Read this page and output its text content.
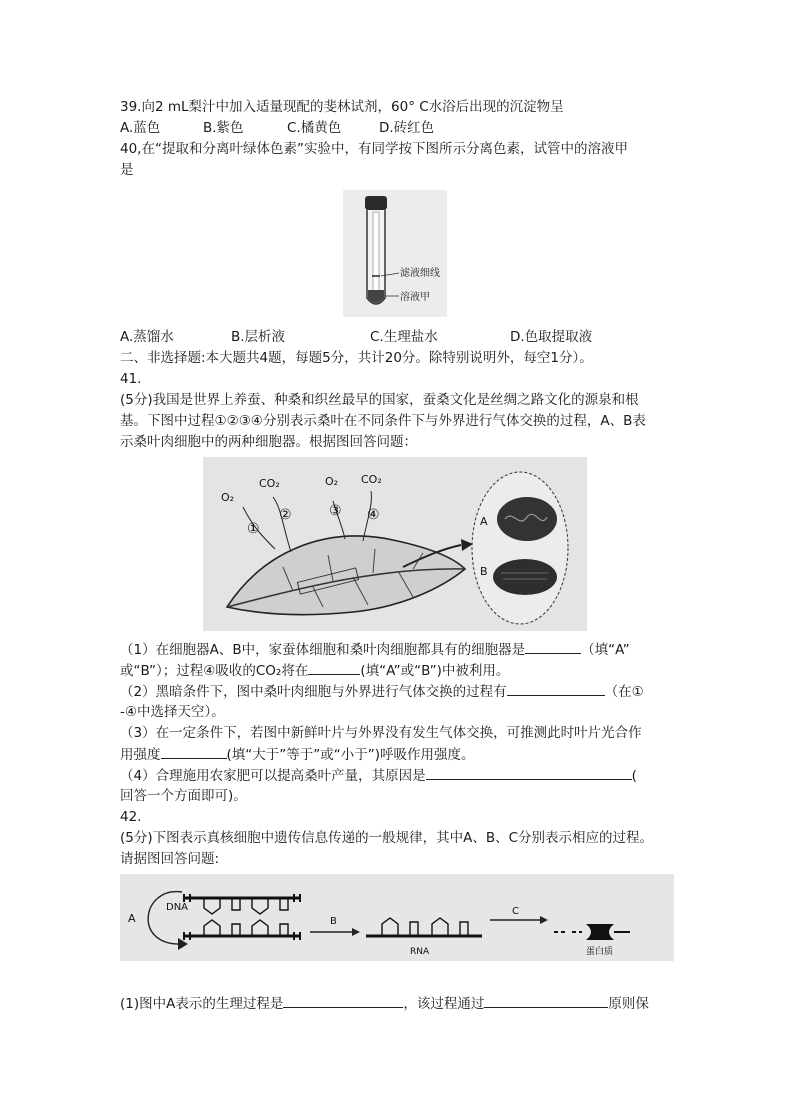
39.向2 mL梨汁中加入适量现配的斐林试剂，60° C水浴后出现的沉淀物呈
A.蓝色	B.紫色	C.橘黄色	D.砖红色
40,在“提取和分离叶绿体色素”实验中，有同学按下图所示分离色素，试管中的溶液甲
是
滤液细线
溶液甲
A.蒸馏水	B.层析液	C.生理盐水	D.色取提取液
二、非选择题:本大题共4题，每题5分，共计20分。除特别说明外，每空1分）。
41.
(5分)我国是世界上养蚕、种桑和织丝最早的国家，蚕桑文化是丝绸之路文化的源泉和根
基。下图中过程①②③④分别表示桑叶在不同条件下与外界进行气体交换的过程，A、B表
示桑叶肉细胞中的两种细胞器。根据图回答问题：
O₂
CO₂	O₂ CO₂
①
②	③ ④	A
B
（1）在细胞器A、B中，家蚕体细胞和桑叶肉细胞都具有的细胞器是	（填“A”
或“B”）；过程④吸收的CO₂将在	(填“A”或“B”)中被利用。
（2）黑暗条件下，图中桑叶肉细胞与外界进行气体交换的过程有	（在①
-④中选择天空）。
（3）在一定条件下，若图中新鲜叶片与外界没有发生气体交换，可推测此时叶片光合作
用强度	(填“大于”等于”或“小于”)呼吸作用强度。
（4）合理施用农家肥可以提高桑叶产量，其原因是	(
回答一个方面即可)。
42.
(5分)下图表示真核细胞中遗传信息传递的一般规律，其中A、B、C分别表示相应的过程。
请据图回答问题:
A
DNA
B
RNA
C
蛋白质
(1)图中A表示的生理过程是	，该过程通过	原则保
